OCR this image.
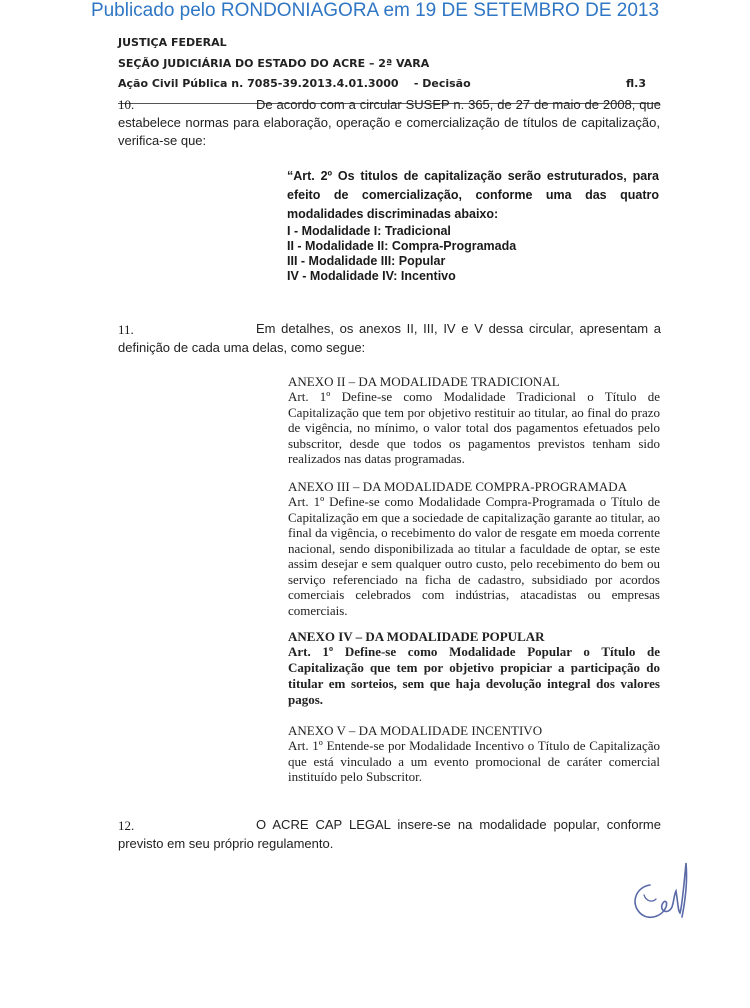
Publicado pelo RONDONIAGORA em 19 DE SETEMBRO DE 2013
JUSTIÇA FEDERAL
SEÇÃO JUDICIÁRIA DO ESTADO DO ACRE – 2ª VARA
Ação Civil Pública n. 7085-39.2013.4.01.3000    - Decisão	fl.3
10.	De acordo com a circular SUSEP n. 365, de 27 de maio de 2008, que
estabelece normas para elaboração, operação e comercialização de títulos de capitalização, verifica-se que:
“Art. 2º Os titulos de capitalização serão estruturados, para efeito de comercialização, conforme uma das quatro modalidades discriminadas abaixo:
I - Modalidade I: Tradicional
II - Modalidade II: Compra-Programada
III - Modalidade III: Popular
IV - Modalidade IV: Incentivo
11.	Em detalhes, os anexos II, III, IV e V dessa circular, apresentam a
definição de cada uma delas, como segue:
ANEXO II – DA MODALIDADE TRADICIONAL
Art. 1º Define-se como Modalidade Tradicional o Título de Capitalização que tem por objetivo restituir ao titular, ao final do prazo de vigência, no mínimo, o valor total dos pagamentos efetuados pelo subscritor, desde que todos os pagamentos previstos tenham sido realizados nas datas programadas.
ANEXO III – DA MODALIDADE COMPRA-PROGRAMADA
Art. 1º Define-se como Modalidade Compra-Programada o Título de Capitalização em que a sociedade de capitalização garante ao titular, ao final da vigência, o recebimento do valor de resgate em moeda corrente nacional, sendo disponibilizada ao titular a faculdade de optar, se este assim desejar e sem qualquer outro custo, pelo recebimento do bem ou serviço referenciado na ficha de cadastro, subsidiado por acordos comerciais celebrados com indústrias, atacadistas ou empresas comerciais.
ANEXO IV – DA MODALIDADE POPULAR
Art. 1º Define-se como Modalidade Popular o Título de Capitalização que tem por objetivo propiciar a participação do titular em sorteios, sem que haja devolução integral dos valores pagos.
ANEXO V – DA MODALIDADE INCENTIVO
Art. 1º Entende-se por Modalidade Incentivo o Título de Capitalização que está vinculado a um evento promocional de caráter comercial instituído pelo Subscritor.
12.	O ACRE CAP LEGAL insere-se na modalidade popular, conforme
previsto em seu próprio regulamento.
